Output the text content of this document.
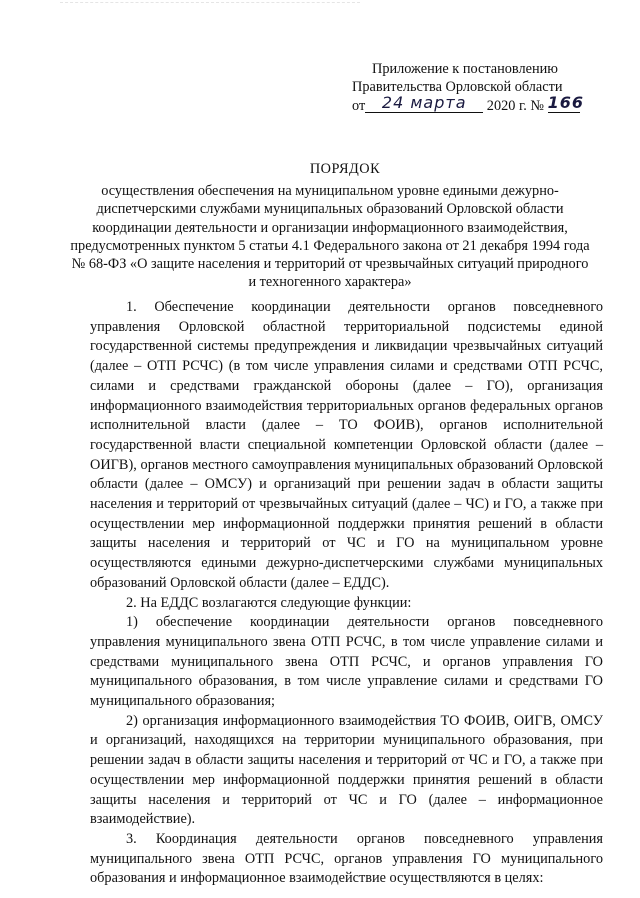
Приложение к постановлению
Правительства Орловской области
от 24 марта 2020 г. № 166
ПОРЯДОК
осуществления обеспечения на муниципальном уровне едиными дежурно-диспетчерскими службами муниципальных образований Орловской области координации деятельности и организации информационного взаимодействия, предусмотренных пунктом 5 статьи 4.1 Федерального закона от 21 декабря 1994 года № 68-ФЗ «О защите населения и территорий от чрезвычайных ситуаций природного и техногенного характера»

1. Обеспечение координации деятельности органов повседневного управления Орловской областной территориальной подсистемы единой государственной системы предупреждения и ликвидации чрезвычайных ситуаций (далее – ОТП РСЧС) (в том числе управления силами и средствами ОТП РСЧС, силами и средствами гражданской обороны (далее – ГО), организация информационного взаимодействия территориальных органов федеральных органов исполнительной власти (далее – ТО ФОИВ), органов исполнительной государственной власти специальной компетенции Орловской области (далее – ОИГВ), органов местного самоуправления муниципальных образований Орловской области (далее – ОМСУ) и организаций при решении задач в области защиты населения и территорий от чрезвычайных ситуаций (далее – ЧС) и ГО, а также при осуществлении мер информационной поддержки принятия решений в области защиты населения и территорий от ЧС и ГО на муниципальном уровне осуществляются едиными дежурно-диспетчерскими службами муниципальных образований Орловской области (далее – ЕДДС).

2. На ЕДДС возлагаются следующие функции:

1) обеспечение координации деятельности органов повседневного управления муниципального звена ОТП РСЧС, в том числе управление силами и средствами муниципального звена ОТП РСЧС, и органов управления ГО муниципального образования, в том числе управление силами и средствами ГО муниципального образования;

2) организация информационного взаимодействия ТО ФОИВ, ОИГВ, ОМСУ и организаций, находящихся на территории муниципального образования, при решении задач в области защиты населения и территорий от ЧС и ГО, а также при осуществлении мер информационной поддержки принятия решений в области защиты населения и территорий от ЧС и ГО (далее – информационное взаимодействие).

3. Координация деятельности органов повседневного управления муниципального звена ОТП РСЧС, органов управления ГО муниципального образования и информационное взаимодействие осуществляются в целях:
